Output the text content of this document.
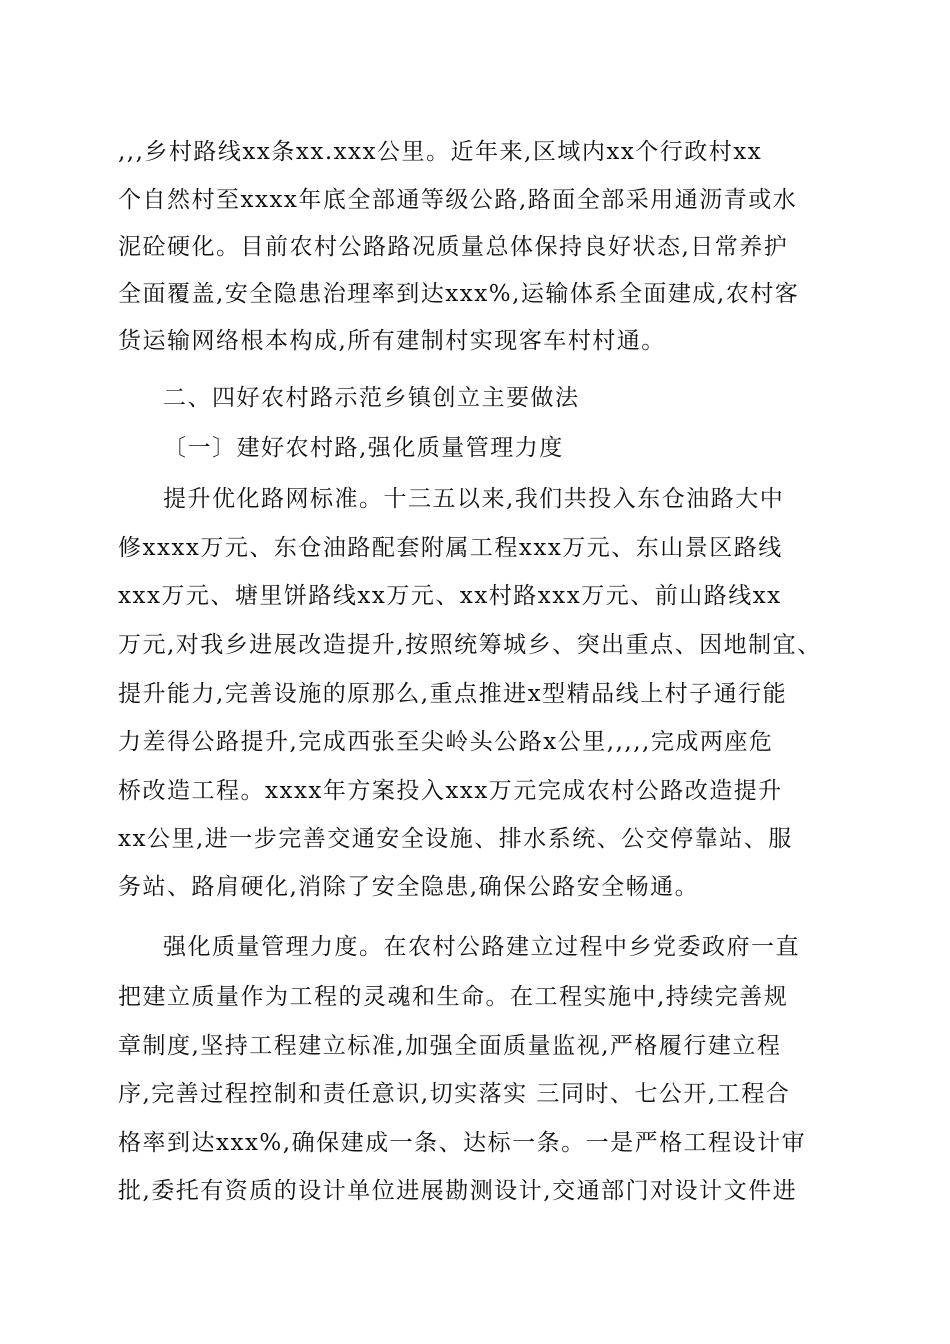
,,,乡村路线xx条xx.xxx公里。近年来,区域内xx个行政村xx
个自然村至xxxx年底全部通等级公路,路面全部采用通沥青或水
泥砼硬化。目前农村公路路况质量总体保持良好状态,日常养护
全面覆盖,安全隐患治理率到达xxx%,运输体系全面建成,农村客
货运输网络根本构成,所有建制村实现客车村村通。
二、四好农村路示范乡镇创立主要做法
〔一〕建好农村路,强化质量管理力度
提升优化路网标准。十三五以来,我们共投入东仓油路大中
修xxxx万元、东仓油路配套附属工程xxx万元、东山景区路线
xxx万元、塘里饼路线xx万元、xx村路xxx万元、前山路线xx
万元,对我乡进展改造提升,按照统筹城乡、突出重点、因地制宜、
提升能力,完善设施的原那么,重点推进x型精品线上村子通行能
力差得公路提升,完成西张至尖岭头公路x公里,,,,,完成两座危
桥改造工程。xxxx年方案投入xxx万元完成农村公路改造提升
xx公里,进一步完善交通安全设施、排水系统、公交停靠站、服
务站、路肩硬化,消除了安全隐患,确保公路安全畅通。
强化质量管理力度。在农村公路建立过程中乡党委政府一直
把建立质量作为工程的灵魂和生命。在工程实施中,持续完善规
章制度,坚持工程建立标准,加强全面质量监视,严格履行建立程
序,完善过程控制和责任意识,切实落实 三同时、七公开,工程合
格率到达xxx%,确保建成一条、达标一条。一是严格工程设计审
批,委托有资质的设计单位进展勘测设计,交通部门对设计文件进
